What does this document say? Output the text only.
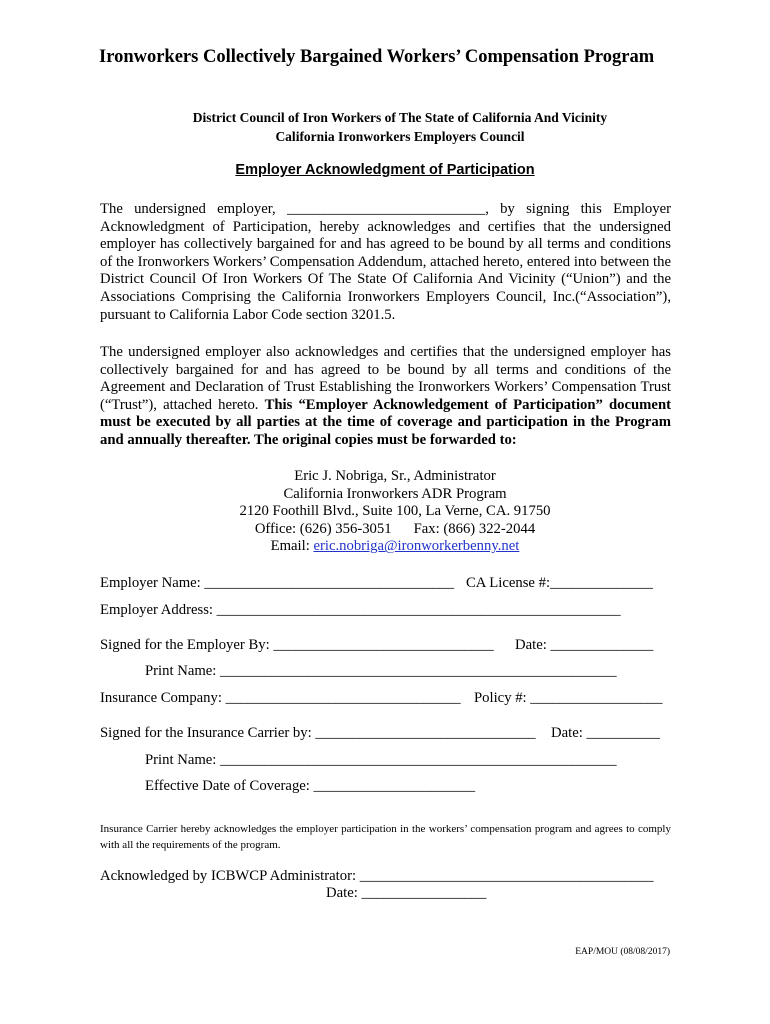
Ironworkers Collectively Bargained Workers’ Compensation Program
District Council of Iron Workers of The State of California And Vicinity
California Ironworkers Employers Council
Employer Acknowledgment of Participation

The undersigned employer, ___________________________, by signing this Employer Acknowledgment of Participation, hereby acknowledges and certifies that the undersigned employer has collectively bargained for and has agreed to be bound by all terms and conditions of the Ironworkers Workers’ Compensation Addendum, attached hereto, entered into between the District Council Of Iron Workers Of The State Of California And Vicinity (“Union”) and the Associations Comprising the California Ironworkers Employers Council, Inc.(“Association”), pursuant to California Labor Code section 3201.5.

The undersigned employer also acknowledges and certifies that the undersigned employer has collectively bargained for and has agreed to be bound by all terms and conditions of the Agreement and Declaration of Trust Establishing the Ironworkers Workers’ Compensation Trust (“Trust”), attached hereto. This “Employer Acknowledgement of Participation” document must be executed by all parties at the time of coverage and participation in the Program and annually thereafter. The original copies must be forwarded to:

Eric J. Nobriga, Sr., Administrator
California Ironworkers ADR Program
2120 Foothill Blvd., Suite 100, La Verne, CA. 91750
Office: (626) 356-3051 Fax: (866) 322-2044
Email: eric.nobriga@ironworkerbenny.net
Employer Name: __________________________________ CA License #:______________
Employer Address: _______________________________________________________
Signed for the Employer By: ______________________________ Date: ______________
Print Name: ______________________________________________________
Insurance Company: ________________________________ Policy #: __________________
Signed for the Insurance Carrier by: ______________________________ Date: __________
Print Name: ______________________________________________________
Effective Date of Coverage: ______________________

Insurance Carrier hereby acknowledges the employer participation in the workers’ compensation program and agrees to comply with all the requirements of the program.

Acknowledged by ICBWCP Administrator: ________________________________________
Date: _________________
EAP/MOU (08/08/2017)
